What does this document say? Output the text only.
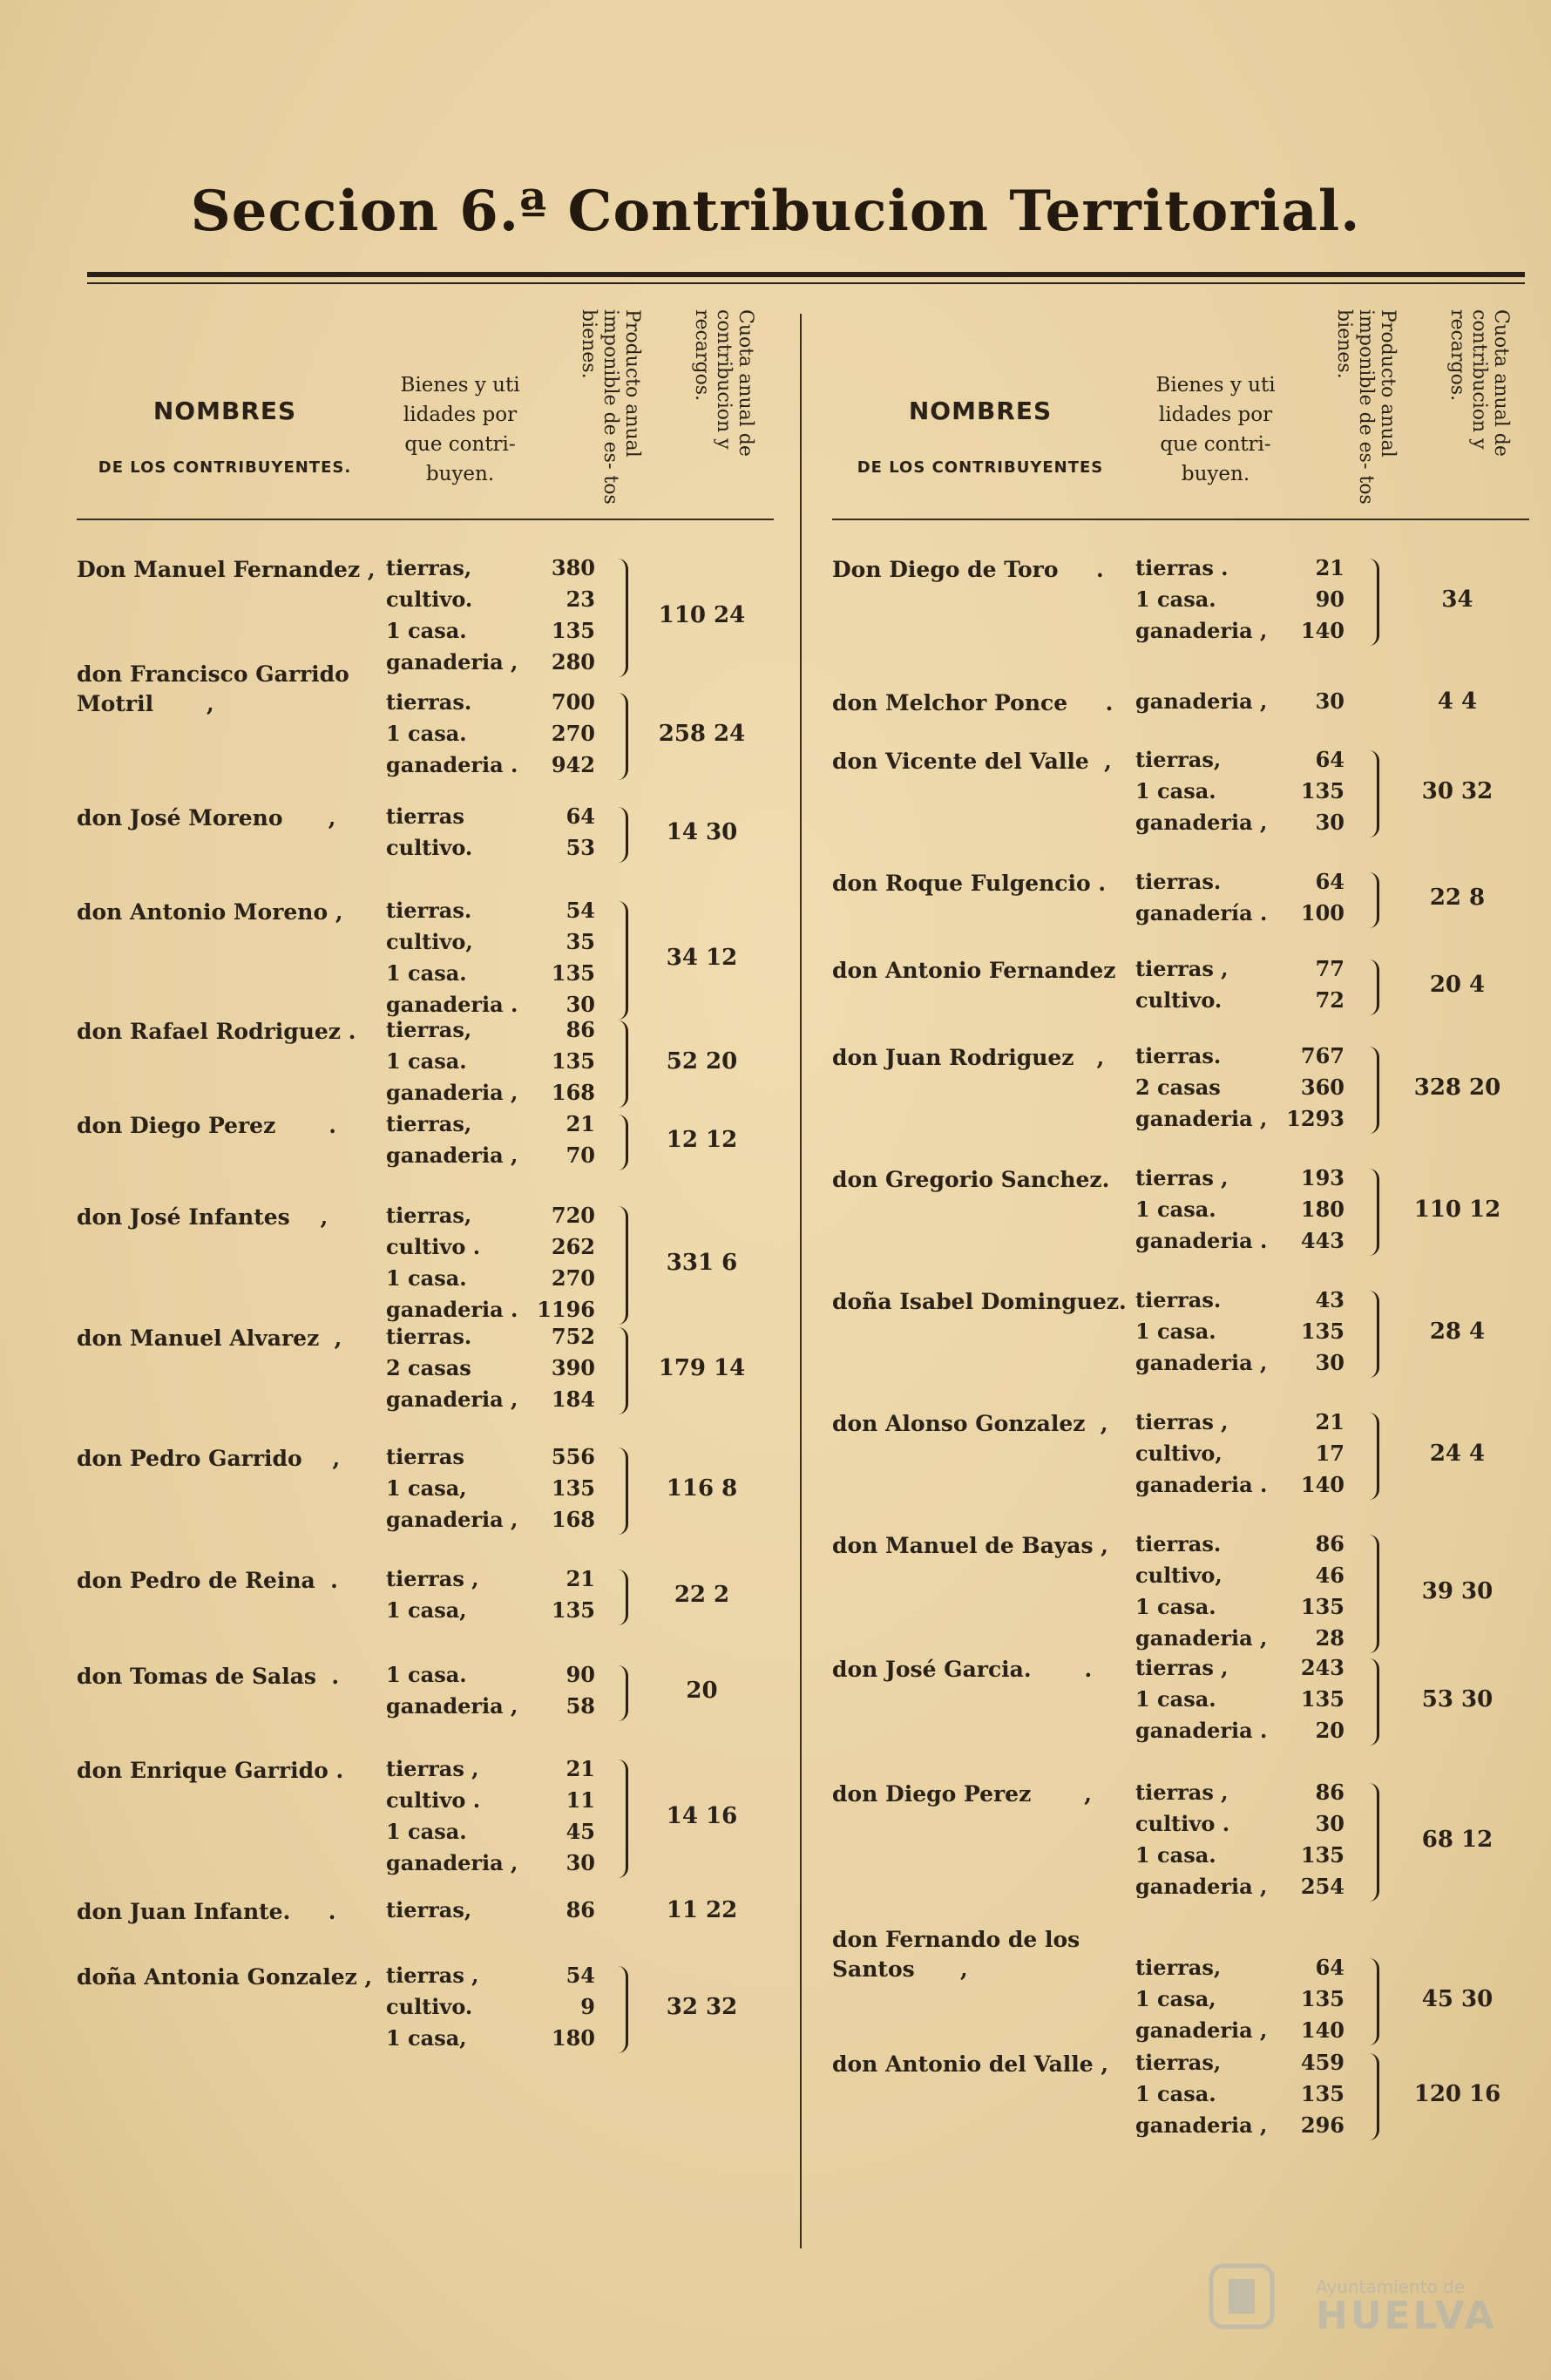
Seccion 6.ª Contribucion Territorial.
NOMBRES
DE LOS CONTRIBUYENTES.
Bienes y uti lidades por que contri- buyen.
Producto anual imponible de es- tos bienes.	Cuota anual de contribucion y recargos.
Don Manuel Fernandez , tierras,	380
cultivo.	23
1 casa.	135
ganaderia , 280
110 24
don Francisco Garrido
Motril       ,	tierras.	700
1 casa.	270
ganaderia . 942
258 24
don José Moreno      ,	tierras	64
cultivo.	53
14 30
don Antonio Moreno ,	tierras.	54
cultivo,	35
1 casa.	135
ganaderia . 30
34 12
don Rafael Rodriguez .	tierras,	86
1 casa.	135
ganaderia , 168
52 20
don Diego Perez       .	tierras,	21
ganaderia , 70
12 12
don José Infantes    ,	tierras,	720
cultivo .	262
1 casa.	270
ganaderia . 1196
331 6
don Manuel Alvarez  ,	tierras.	752
2 casas	390
ganaderia , 184
179 14
don Pedro Garrido    ,	tierras	556
1 casa,	135
ganaderia , 168
116 8
don Pedro de Reina  .	tierras ,	21
1 casa,	135
22 2
don Tomas de Salas  .	1 casa.	90
ganaderia , 58
20
don Enrique Garrido .	tierras ,	21
cultivo .	11
1 casa.	45
ganaderia , 30
14 16
don Juan Infante.     .	tierras,	86	11 22
doña Antonia Gonzalez , tierras ,	54
cultivo.	9
1 casa,	180
32 32
NOMBRES
DE LOS CONTRIBUYENTES
Bienes y uti lidades por que contri- buyen.
Producto anual imponible de es- tos bienes.	Cuota anual de contribucion y recargos.
Don Diego de Toro     .	tierras .	21
1 casa.	90
ganaderia , 140
34
don Melchor Ponce     .	ganaderia , 30	4 4
don Vicente del Valle  ,	tierras,	64
1 casa.	135
ganaderia , 30
30 32
don Roque Fulgencio .	tierras.	64
ganadería . 100
22 8
don Antonio Fernandez tierras ,	77
cultivo.	72
20 4
don Juan Rodriguez   ,	tierras.	767
2 casas	360
ganaderia , 1293
328 20
don Gregorio Sanchez.	tierras ,	193
1 casa.	180
ganaderia . 443
110 12
doña Isabel Dominguez. tierras.	43
1 casa.	135
ganaderia , 30
28 4
don Alonso Gonzalez  ,	tierras ,	21
cultivo,	17
ganaderia . 140
24 4
don Manuel de Bayas ,	tierras.	86
cultivo,	46
1 casa.	135
ganaderia , 28
39 30
don José Garcia.       .	tierras ,	243
1 casa.	135
ganaderia . 20
53 30
don Diego Perez       ,	tierras ,	86
cultivo .	30
1 casa.	135
ganaderia , 254
68 12
don Fernando de los
Santos      ,	tierras,	64
1 casa,	135
ganaderia , 140
45 30
don Antonio del Valle ,	tierras,	459
1 casa.	135
ganaderia , 296
120 16
Ayuntamiento de
HUELVA
